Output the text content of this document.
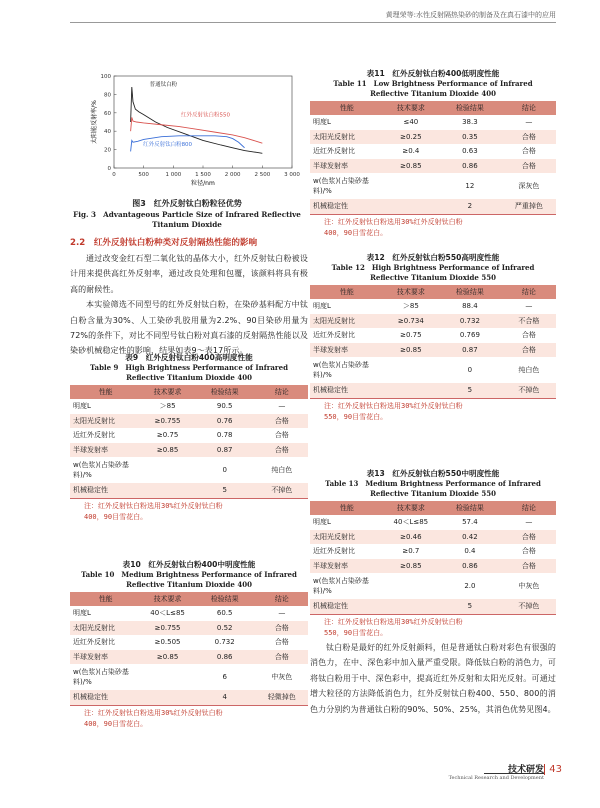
黄理荣等:水性反射隔热染砂的制备及在真石漆中的应用
0	500	1 000	1 500	2 000	2 500	3 000
0
20
40
60
80
100
粒径/nm
太阳能反射率/%
普通钛白粉
红外反射钛白粉550
红外反射钛白粉800
图3　红外反射钛白粉粒径优势
Fig. 3　Advantageous Particle Size of Infrared Reflective
Titanium Dioxide
2.2　红外反射钛白粉种类对反射隔热性能的影响

通过改变金红石型二氧化钛的晶体大小，红外反射钛白粉被设计用来提供高红外反射率，通过改良处理和包覆，该颜料将具有极高的耐候性。

本实验筛选不同型号的红外反射钛白粉，在染砂基料配方中钛白粉含量为30%、人工染砂乳胶用量为2.2%、90目染砂用量为72%的条件下，对比不同型号钛白粉对真石漆的反射隔热性能以及染砂机械稳定性的影响，结果如表9～表17所示。

表9　红外反射钛白粉400高明度性能
Table 9　High Brightness Performance of Infrared
Reflective Titanium Dioxide 400
性能	技术要求	检验结果	结论
明度L	＞85	90.5	—
太阳光反射比	≥0.755	0.76	合格
近红外反射比	≥0.75	0.78	合格
半球发射率	≥0.85	0.87	合格
w(色浆)(占染砂基料)/%		0	纯白色
机械稳定性		5	不掉色
注：红外反射钛白粉选用30%红外反射钛白粉
400，90目雪花白。
表10　红外反射钛白粉400中明度性能
Table 10　Medium Brightness Performance of Infrared
Reflective Titanium Dioxide 400
性能	技术要求	检验结果	结论
明度L	40＜L≤85	60.5	—
太阳光反射比	≥0.755	0.52	合格
近红外反射比	≥0.505	0.732	合格
半球发射率	≥0.85	0.86	合格
w(色浆)(占染砂基料)/%		6	中灰色
机械稳定性		4	轻微掉色
注：红外反射钛白粉选用30%红外反射钛白粉
400，90目雪花白。
表11　红外反射钛白粉400低明度性能
Table 11　Low Brightness Performance of Infrared
Reflective Titanium Dioxide 400
性能	技术要求	检验结果	结论
明度L	≤40	38.3	—
太阳光反射比	≥0.25	0.35	合格
近红外反射比	≥0.4	0.63	合格
半球发射率	≥0.85	0.86	合格
w(色浆)(占染砂基料)/%		12	深灰色
机械稳定性		2	严重掉色
注：红外反射钛白粉选用30%红外反射钛白粉
400，90目雪花白。
表12　红外反射钛白粉550高明度性能
Table 12　High Brightness Performance of Infrared
Reflective Titanium Dioxide 550
性能	技术要求	检验结果	结论
明度L	＞85	88.4	—
太阳光反射比	≥0.734	0.732	不合格
近红外反射比	≥0.75	0.769	合格
半球发射率	≥0.85	0.87	合格
w(色浆)(占染砂基料)/%		0	纯白色
机械稳定性		5	不掉色
注：红外反射钛白粉选用30%红外反射钛白粉
550，90目雪花白。
表13　红外反射钛白粉550中明度性能
Table 13　Medium Brightness Performance of Infrared
Reflective Titanium Dioxide 550
性能	技术要求	检验结果	结论
明度L	40＜L≤85	57.4	—
太阳光反射比	≥0.46	0.42	合格
近红外反射比	≥0.7	0.4	合格
半球发射率	≥0.85	0.86	合格
w(色浆)(占染砂基料)/%		2.0	中灰色
机械稳定性		5	不掉色
注：红外反射钛白粉选用30%红外反射钛白粉
550，90目雪花白。

钛白粉是最好的红外反射颜料，但是普通钛白粉对彩色有很强的消色力，在中、深色彩中加入量严重受限。降低钛白粉的消色力，可将钛白粉用于中、深色彩中，提高近红外反射和太阳光反射。可通过增大粒径的方法降低消色力，红外反射钛白粉400、550、800的消色力分别约为普通钛白粉的90%、50%、25%，其消色优势见图4。

技术研发
Technical Research and Development
43
